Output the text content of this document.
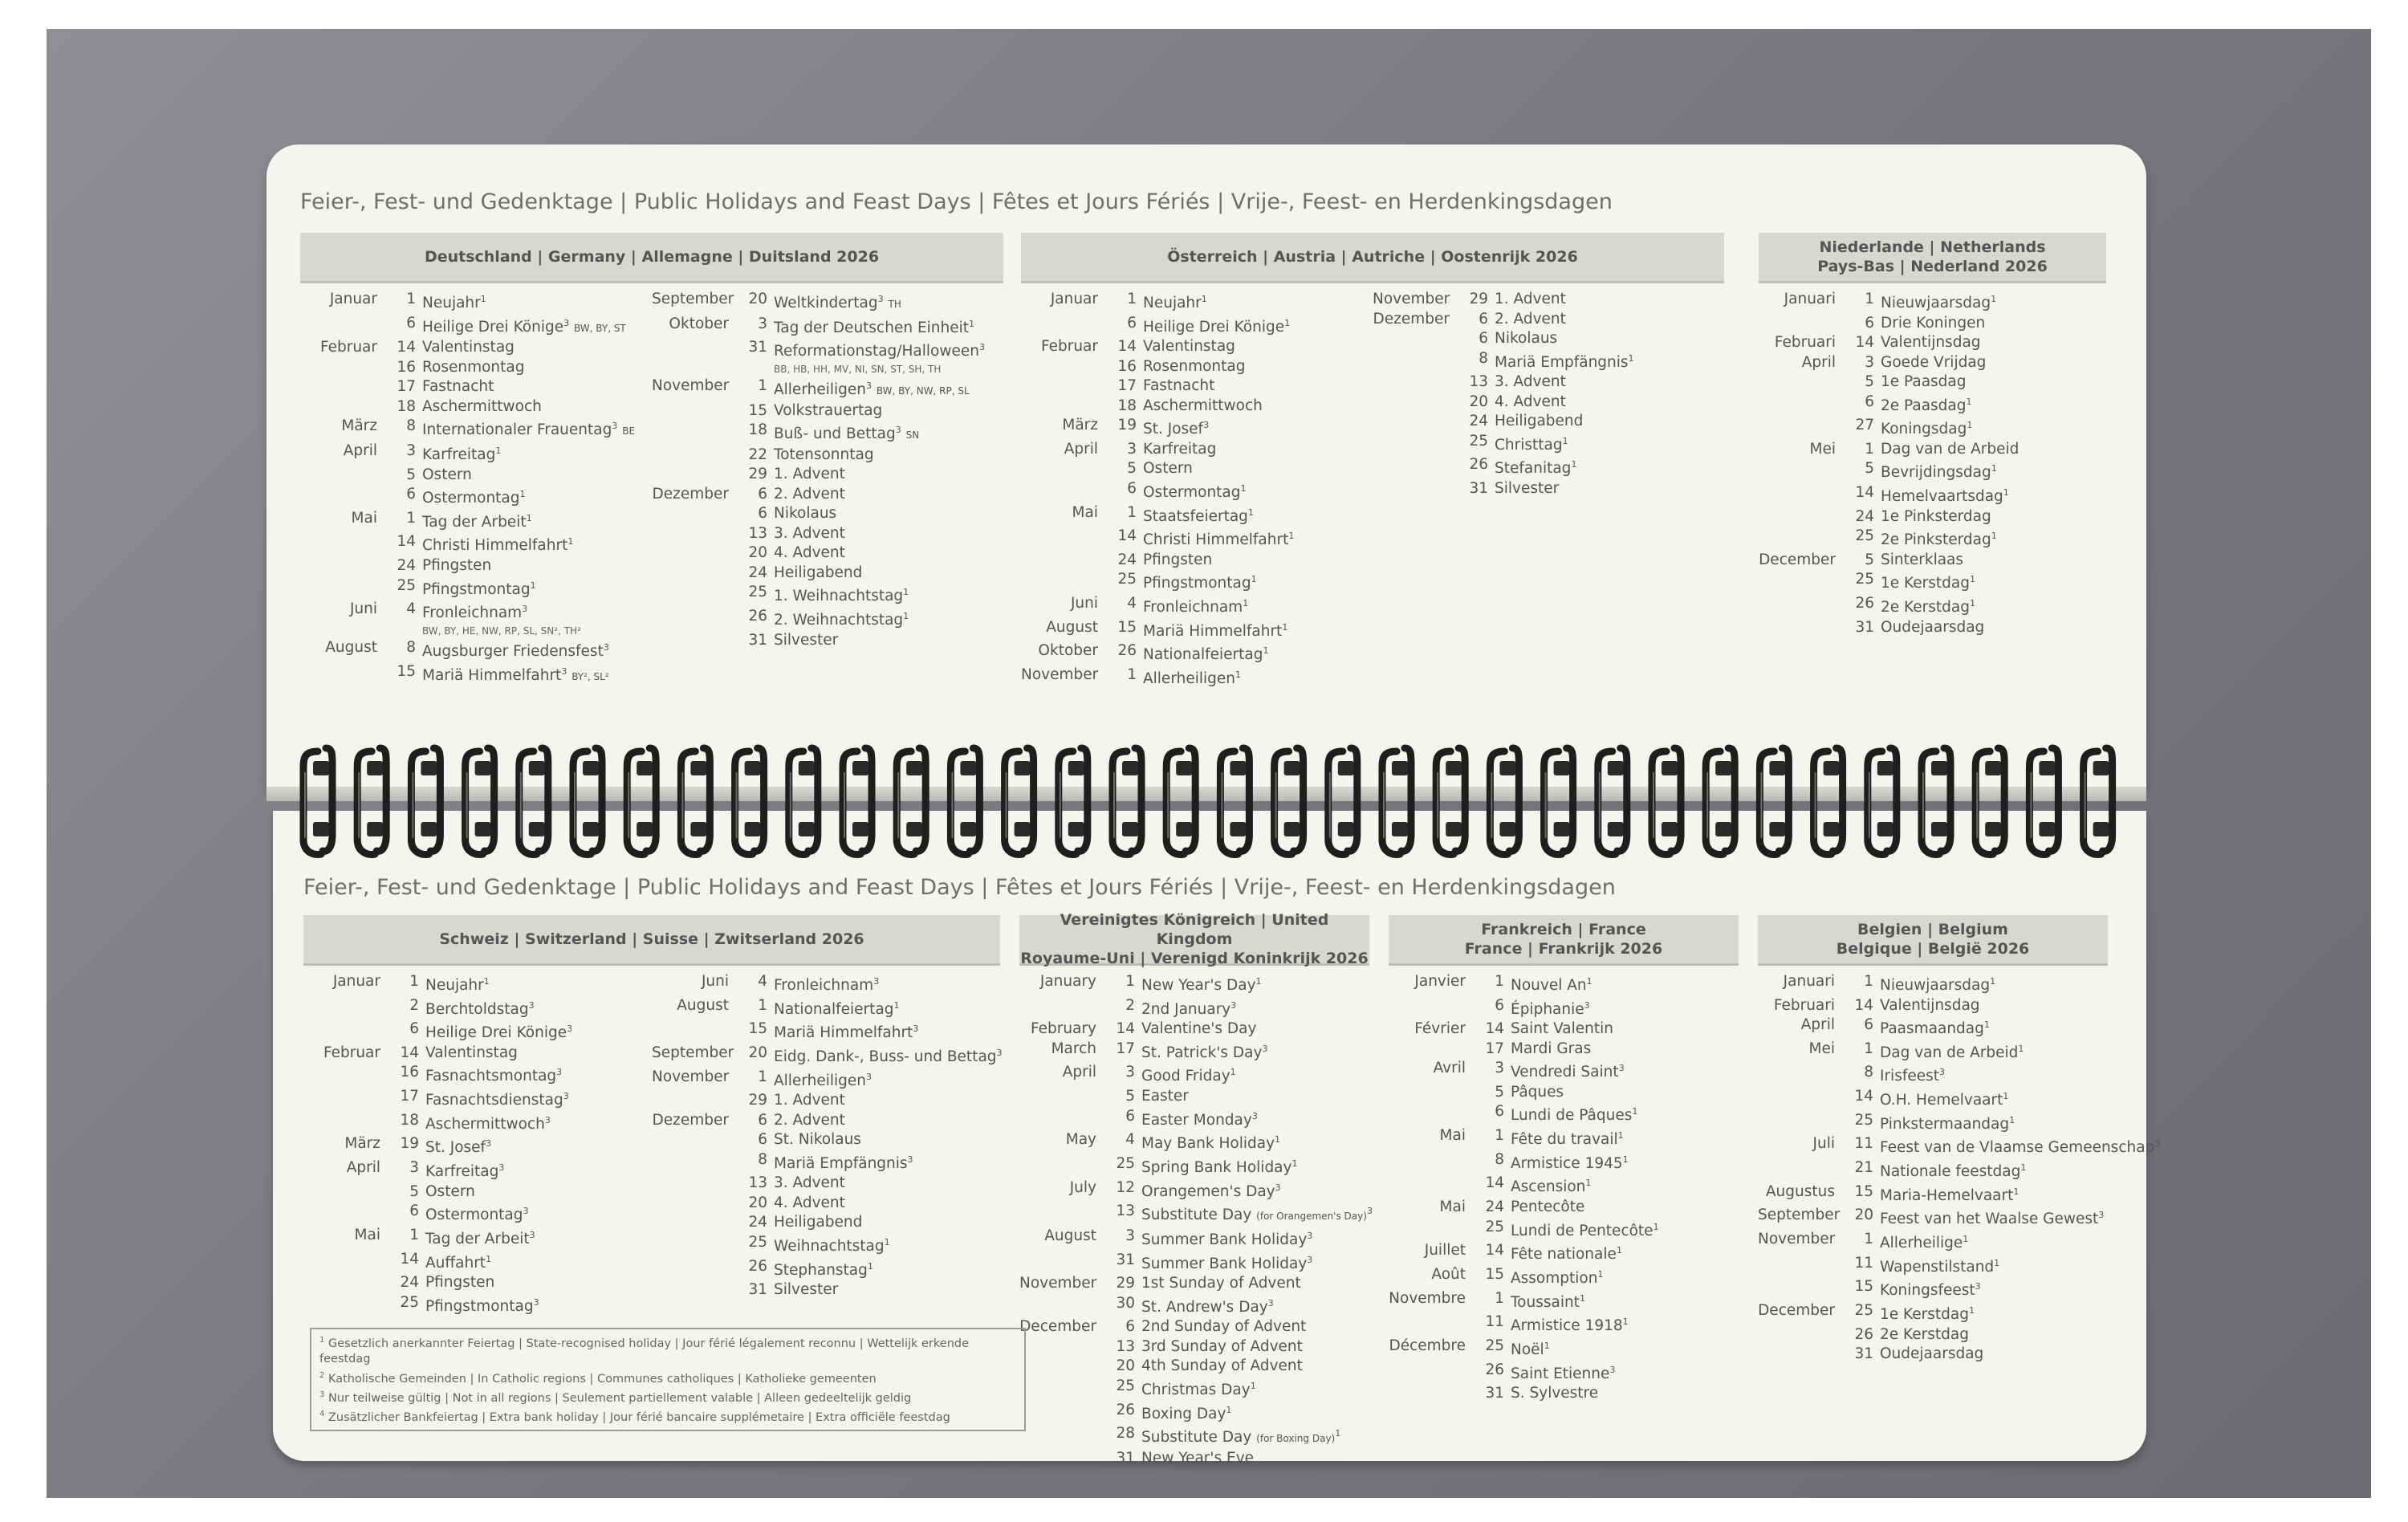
Feier-, Fest- und Gedenktage | Public Holidays and Feast Days | Fêtes et Jours Fériés | Vrije-, Feest- en Herdenkingsdagen
Deutschland | Germany | Allemagne | Duitsland 2026
Januar	1 Neujahr$^1$
6 Heilige Drei Könige$^3$ BW, BY, ST
Februar	14 Valentinstag
16 Rosenmontag
17 Fastnacht
18 Aschermittwoch
März	8 Internationaler Frauentag$^3$ BE
April	3 Karfreitag$^1$
5 Ostern
6 Ostermontag$^1$
Mai	1 Tag der Arbeit$^1$
14 Christi Himmelfahrt$^1$
24 Pfingsten
25 Pfingstmontag$^1$
Juni	4 Fronleichnam$^3$
BW, BY, HE, NW, RP, SL, SN², TH²
August	8 Augsburger Friedensfest$^3$
15 Mariä Himmelfahrt$^3$ BY², SL²
September 20 Weltkindertag$^3$ TH
Oktober	3 Tag der Deutschen Einheit$^1$
31 Reformationstag/Halloween$^3$
BB, HB, HH, MV, NI, SN, ST, SH, TH
November	1 Allerheiligen$^3$ BW, BY, NW, RP, SL
15 Volkstrauertag
18 Buß- und Bettag$^3$ SN
22 Totensonntag
29 1. Advent
Dezember	6 2. Advent
6 Nikolaus
13 3. Advent
20 4. Advent
24 Heiligabend
25 1. Weihnachtstag$^1$
26 2. Weihnachtstag$^1$
31 Silvester
Österreich | Austria | Autriche | Oostenrijk 2026
Januar	1 Neujahr$^1$
6 Heilige Drei Könige$^1$
Februar	14 Valentinstag
16 Rosenmontag
17 Fastnacht
18 Aschermittwoch
März	19 St. Josef$^3$
April	3 Karfreitag
5 Ostern
6 Ostermontag$^1$
Mai	1 Staatsfeiertag$^1$
14 Christi Himmelfahrt$^1$
24 Pfingsten
25 Pfingstmontag$^1$
Juni	4 Fronleichnam$^1$
August	15 Mariä Himmelfahrt$^1$
Oktober	26 Nationalfeiertag$^1$
November	1 Allerheiligen$^1$
November	29 1. Advent
Dezember	6 2. Advent
6 Nikolaus
8 Mariä Empfängnis$^1$
13 3. Advent
20 4. Advent
24 Heiligabend
25 Christtag$^1$
26 Stefanitag$^1$
31 Silvester
Niederlande | Netherlands
Pays-Bas | Nederland 2026
Januari	1 Nieuwjaarsdag$^1$
6 Drie Koningen
Februari	14 Valentijnsdag
April	3 Goede Vrijdag
5 1e Paasdag
6 2e Paasdag$^1$
27 Koningsdag$^1$
Mei	1 Dag van de Arbeid
5 Bevrijdingsdag$^1$
14 Hemelvaartsdag$^1$
24 1e Pinksterdag
25 2e Pinksterdag$^1$
December	5 Sinterklaas
25 1e Kerstdag$^1$
26 2e Kerstdag$^1$
31 Oudejaarsdag
Feier-, Fest- und Gedenktage | Public Holidays and Feast Days | Fêtes et Jours Fériés | Vrije-, Feest- en Herdenkingsdagen
Schweiz | Switzerland | Suisse | Zwitserland 2026
Januar	1 Neujahr$^1$
2 Berchtoldstag$^3$
6 Heilige Drei Könige$^3$
Februar	14 Valentinstag
16 Fasnachtsmontag$^3$
17 Fasnachtsdienstag$^3$
18 Aschermittwoch$^3$
März	19 St. Josef$^3$
April	3 Karfreitag$^3$
5 Ostern
6 Ostermontag$^3$
Mai	1 Tag der Arbeit$^3$
14 Auffahrt$^1$
24 Pfingsten
25 Pfingstmontag$^3$
Juni	4 Fronleichnam$^3$
August	1 Nationalfeiertag$^1$
15 Mariä Himmelfahrt$^3$
September 20 Eidg. Dank-, Buss- und Bettag$^3$
November	1 Allerheiligen$^3$
29 1. Advent
Dezember	6 2. Advent
6 St. Nikolaus
8 Mariä Empfängnis$^3$
13 3. Advent
20 4. Advent
24 Heiligabend
25 Weihnachtstag$^1$
26 Stephanstag$^1$
31 Silvester
Vereinigtes Königreich | United Kingdom
Royaume-Uni | Verenigd Koninkrijk 2026
January	1 New Year's Day$^1$
2 2nd January$^3$
February	14 Valentine's Day
March	17 St. Patrick's Day$^3$
April	3 Good Friday$^1$
5 Easter
6 Easter Monday$^3$
May	4 May Bank Holiday$^1$
25 Spring Bank Holiday$^1$
July	12 Orangemen's Day$^3$
13 Substitute Day (for Orangemen's Day)$^3$
August	3 Summer Bank Holiday$^3$
31 Summer Bank Holiday$^3$
November	29 1st Sunday of Advent
30 St. Andrew's Day$^3$
December	6 2nd Sunday of Advent
13 3rd Sunday of Advent
20 4th Sunday of Advent
25 Christmas Day$^1$
26 Boxing Day$^1$
28 Substitute Day (for Boxing Day)$^1$
31 New Year's Eve
Frankreich | France
France | Frankrijk 2026
Janvier	1 Nouvel An$^1$
6 Épiphanie$^3$
Février	14 Saint Valentin
17 Mardi Gras
Avril	3 Vendredi Saint$^3$
5 Pâques
6 Lundi de Pâques$^1$
Mai	1 Fête du travail$^1$
8 Armistice 1945$^1$
14 Ascension$^1$
Mai	24 Pentecôte
25 Lundi de Pentecôte$^1$
Juillet	14 Fête nationale$^1$
Août	15 Assomption$^1$
Novembre	1 Toussaint$^1$
11 Armistice 1918$^1$
Décembre	25 Noël$^1$
26 Saint Etienne$^3$
31 S. Sylvestre
Belgien | Belgium
Belgique | België 2026
Januari	1 Nieuwjaarsdag$^1$
Februari	14 Valentijnsdag
April	6 Paasmaandag$^1$
Mei	1 Dag van de Arbeid$^1$
8 Irisfeest$^3$
14 O.H. Hemelvaart$^1$
25 Pinkstermaandag$^1$
Juli	11 Feest van de Vlaamse Gemeenschap$^3$
21 Nationale feestdag$^1$
Augustus	15 Maria-Hemelvaart$^1$
September 20 Feest van het Waalse Gewest$^3$
November	1 Allerheilige$^1$
11 Wapenstilstand$^1$
15 Koningsfeest$^3$
December	25 1e Kerstdag$^1$
26 2e Kerstdag
31 Oudejaarsdag
$^1$ Gesetzlich anerkannter Feiertag | State-recognised holiday | Jour férié légalement reconnu | Wettelijk erkende feestdag
$^2$ Katholische Gemeinden | In Catholic regions | Communes catholiques | Katholieke gemeenten
$^3$ Nur teilweise gültig | Not in all regions | Seulement partiellement valable | Alleen gedeeltelijk geldig
$^4$ Zusätzlicher Bankfeiertag | Extra bank holiday | Jour férié bancaire supplémetaire | Extra officiële feestdag
